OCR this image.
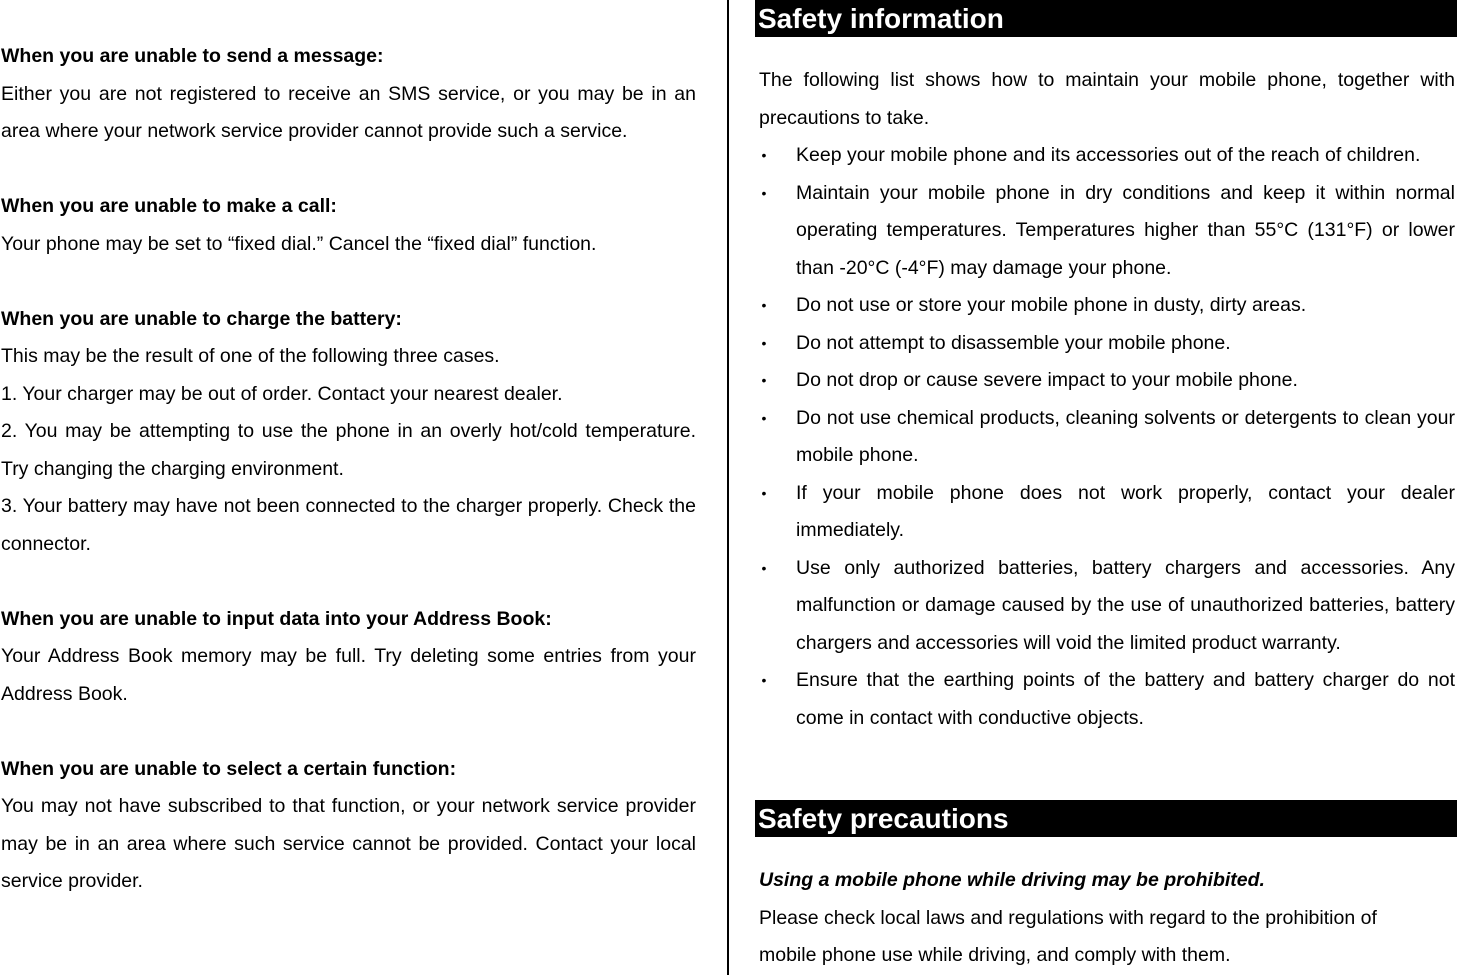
When you are unable to send a message:

Either you are not registered to receive an SMS service, or you may be in an area where your network service provider cannot provide such a service.

When you are unable to make a call:

Your phone may be set to “fixed dial.” Cancel the “fixed dial” function.

When you are unable to charge the battery:

This may be the result of one of the following three cases.

1. Your charger may be out of order. Contact your nearest dealer.

2. You may be attempting to use the phone in an overly hot/cold temperature. Try changing the charging environment.

3. Your battery may have not been connected to the charger properly. Check the connector.

When you are unable to input data into your Address Book:

Your Address Book memory may be full. Try deleting some entries from your Address Book.

When you are unable to select a certain function:

You may not have subscribed to that function, or your network service provider may be in an area where such service cannot be provided. Contact your local service provider.

Safety information

The following list shows how to maintain your mobile phone, together with precautions to take.

• Keep your mobile phone and its accessories out of the reach of children.
• Maintain your mobile phone in dry conditions and keep it within normal operating temperatures. Temperatures higher than 55°C (131°F) or lower than -20°C (-4°F) may damage your phone.
• Do not use or store your mobile phone in dusty, dirty areas.
• Do not attempt to disassemble your mobile phone.
• Do not drop or cause severe impact to your mobile phone.
• Do not use chemical products, cleaning solvents or detergents to clean your mobile phone.
• If your mobile phone does not work properly, contact your dealer immediately.
• Use only authorized batteries, battery chargers and accessories. Any malfunction or damage caused by the use of unauthorized batteries, battery chargers and accessories will void the limited product warranty.
• Ensure that the earthing points of the battery and battery charger do not come in contact with conductive objects.
Safety precautions
Using a mobile phone while driving may be prohibited.

Please check local laws and regulations with regard to the prohibition of mobile phone use while driving, and comply with them.
